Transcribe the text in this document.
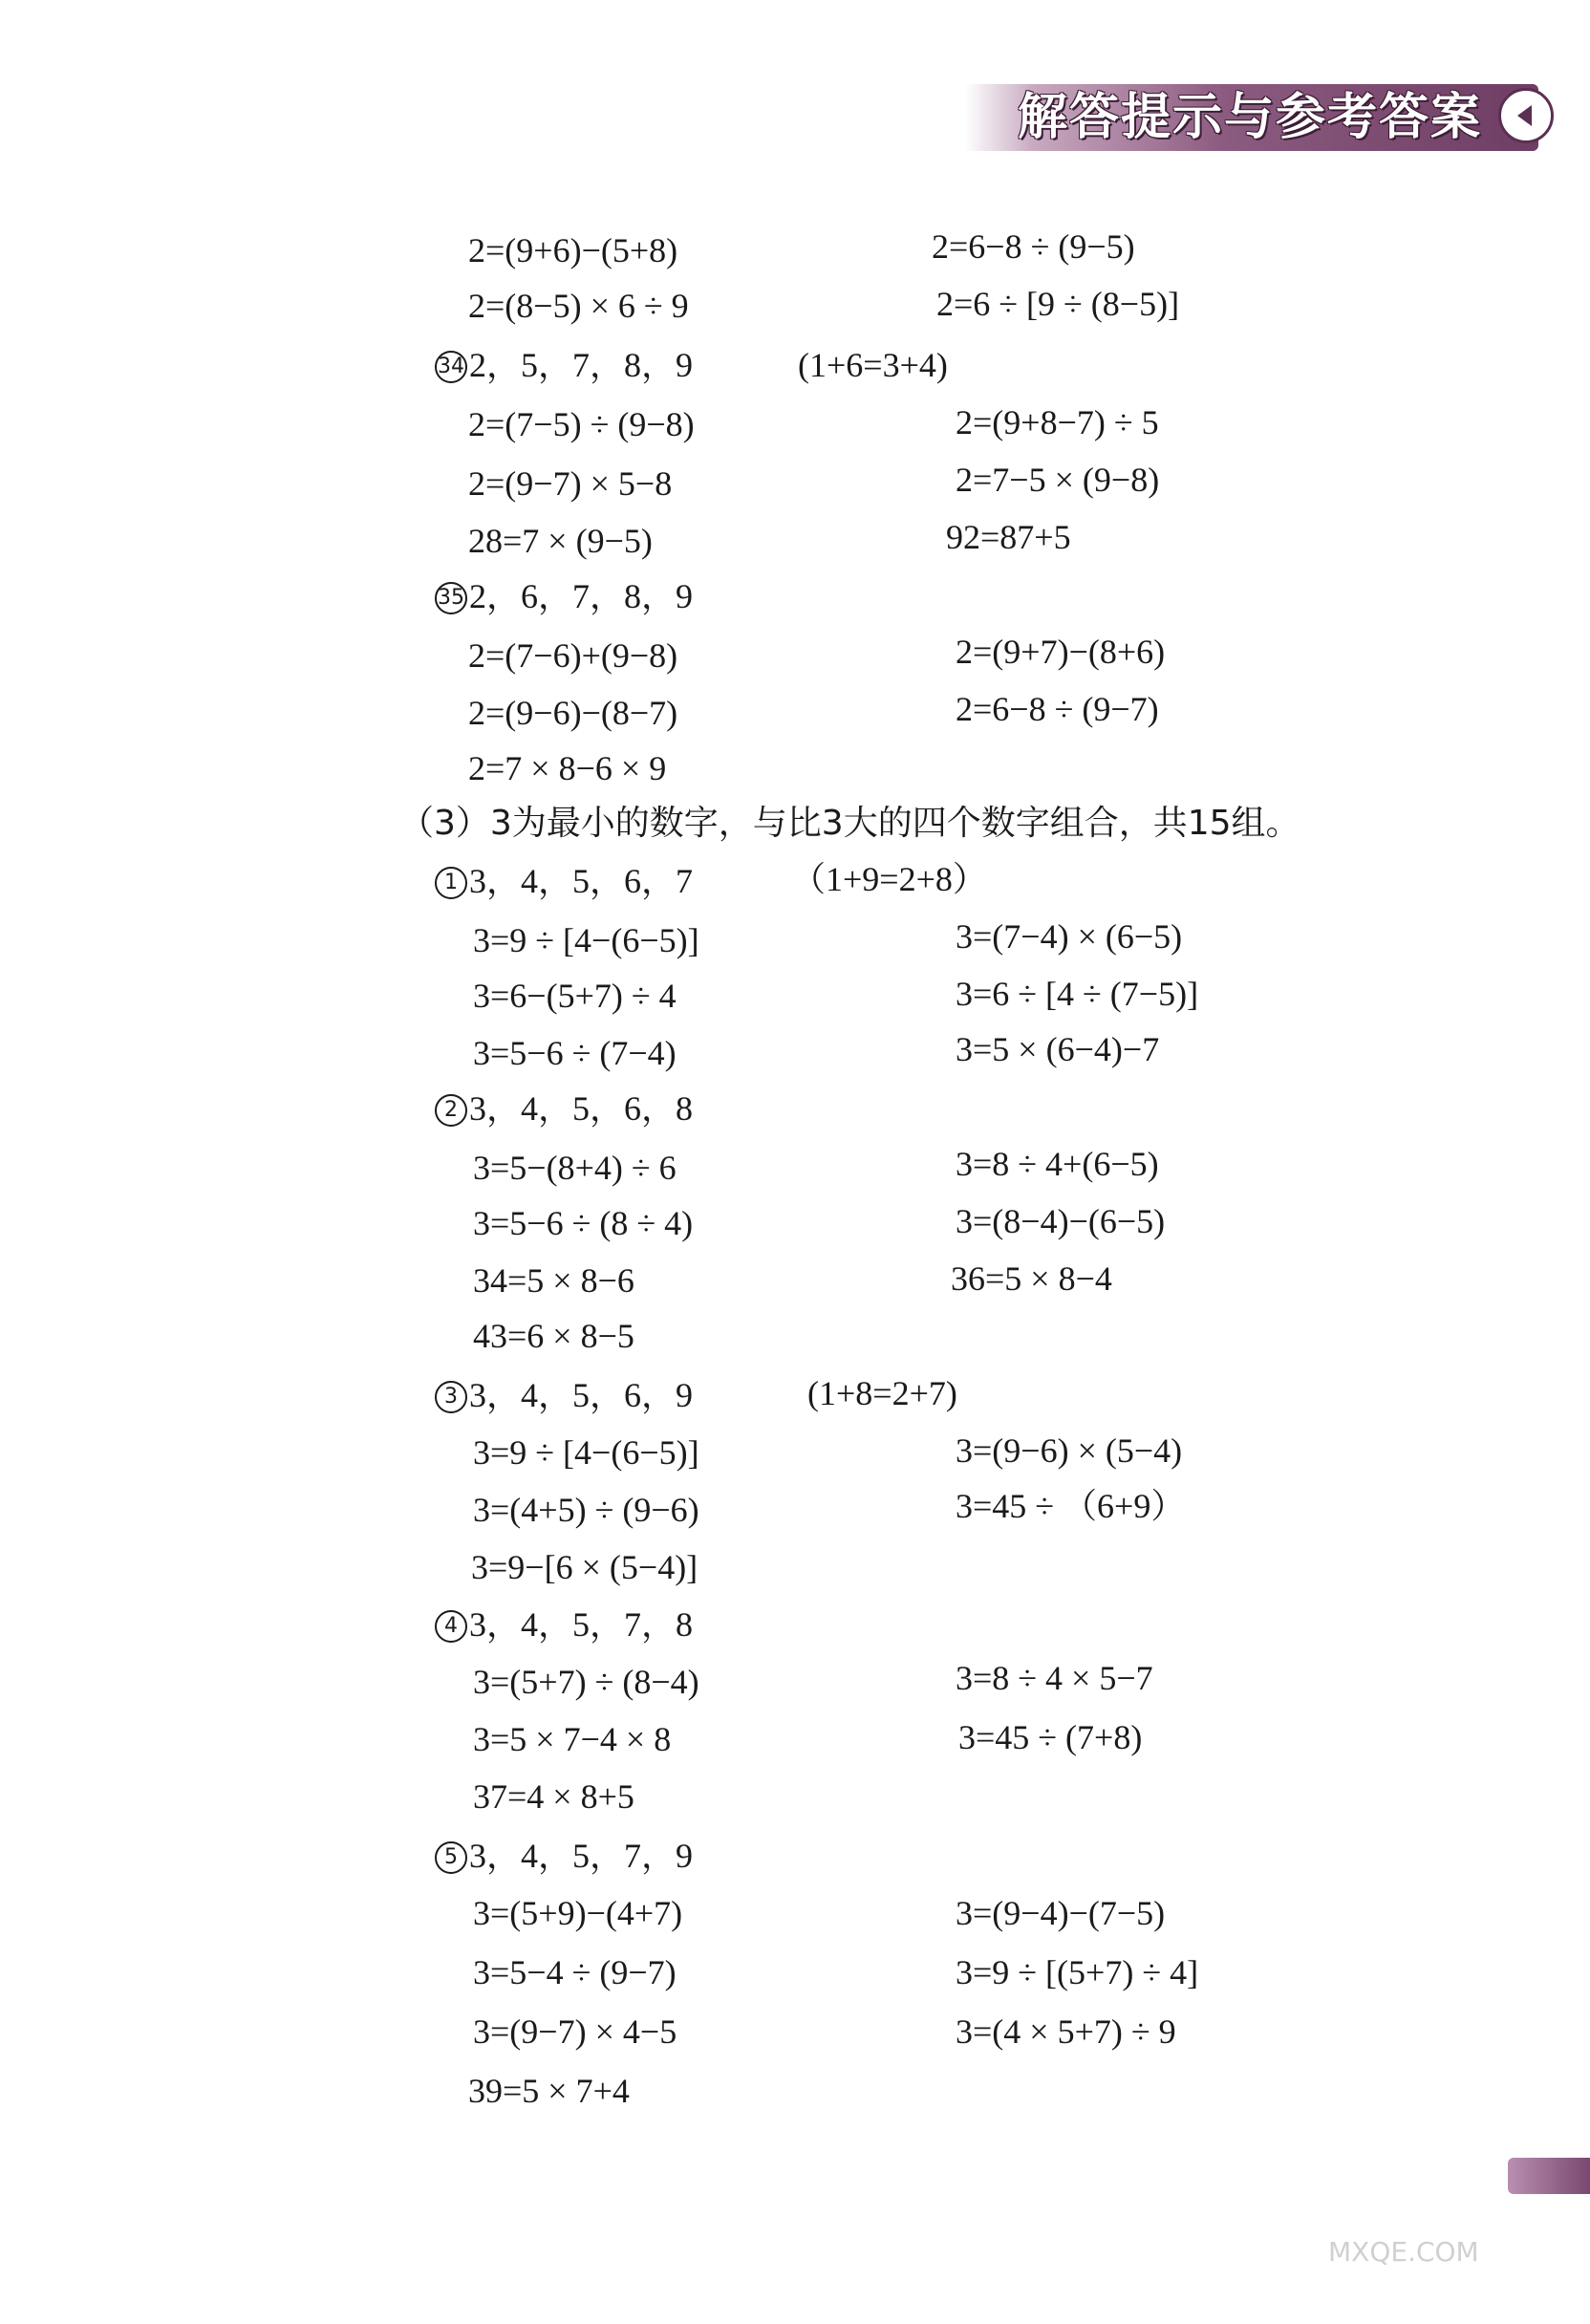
解答提示与参考答案
2=(9+6)−(5+8)	2=6−8 ÷ (9−5)
2=(8−5) × 6 ÷ 9	2=6 ÷ [9 ÷ (8−5)]
34 2，5，7，8，9	(1+6=3+4)
2=(7−5) ÷ (9−8)	2=(9+8−7) ÷ 5
2=(9−7) × 5−8	2=7−5 × (9−8)
28=7 × (9−5)	92=87+5
35 2，6，7，8，9
2=(7−6)+(9−8)	2=(9+7)−(8+6)
2=(9−6)−(8−7)	2=6−8 ÷ (9−7)
2=7 × 8−6 × 9
（3）3为最小的数字，与比3大的四个数字组合，共15组。
1 3，4，5，6，7	（1+9=2+8）
3=9 ÷ [4−(6−5)]	3=(7−4) × (6−5)
3=6−(5+7) ÷ 4	3=6 ÷ [4 ÷ (7−5)]
3=5−6 ÷ (7−4)	3=5 × (6−4)−7
2 3，4，5，6，8
3=5−(8+4) ÷ 6	3=8 ÷ 4+(6−5)
3=5−6 ÷ (8 ÷ 4)	3=(8−4)−(6−5)
34=5 × 8−6	36=5 × 8−4
43=6 × 8−5
3 3，4，5，6，9	(1+8=2+7)
3=9 ÷ [4−(6−5)]	3=(9−6) × (5−4)
3=(4+5) ÷ (9−6)	3=45 ÷ （6+9）
3=9−[6 × (5−4)]
4 3，4，5，7，8
3=(5+7) ÷ (8−4)	3=8 ÷ 4 × 5−7
3=5 × 7−4 × 8	3=45 ÷ (7+8)
37=4 × 8+5
5 3，4，5，7，9
3=(5+9)−(4+7)	3=(9−4)−(7−5)
3=5−4 ÷ (9−7)	3=9 ÷ [(5+7) ÷ 4]
3=(9−7) × 4−5	3=(4 × 5+7) ÷ 9
39=5 × 7+4
MXQE.COM
